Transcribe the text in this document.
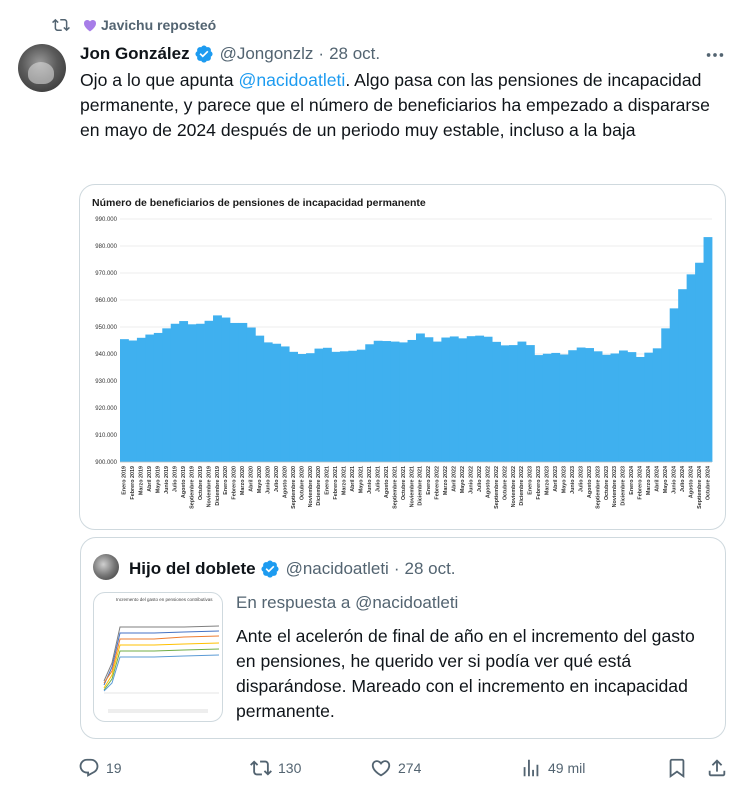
Javichu
reposteó
Jon González @Jongonzlz · 28 oct.
Ojo a lo que apunta @nacidoatleti. Algo pasa con las pensiones de incapacidad permanente, y parece que el número de beneficiarios ha empezado a dispararse en mayo de 2024 después de un periodo muy estable, incluso a la baja
Número de beneficiarios de pensiones de incapacidad permanente
900.000
910.000
920.000
930.000
940.000
950.000
960.000
970.000
980.000
990.000
Enero 2019 Febrero 2019 Marzo 2019 Abril 2019 Mayo 2019 Junio 2019 Julio 2019 Agosto 2019 Septiembre 2019 Octubre 2019 Noviembre 2019 Diciembre 2019 Enero 2020 Febrero 2020 Marzo 2020 Abril 2020 Mayo 2020 Junio 2020 Julio 2020 Agosto 2020 Septiembre 2020 Octubre 2020 Noviembre 2020 Diciembre 2020 Enero 2021 Febrero 2021 Marzo 2021 Abril 2021 Mayo 2021 Junio 2021 Julio 2021 Agosto 2021 Septiembre 2021 Octubre 2021 Noviembre 2021 Diciembre 2021 Enero 2022 Febrero 2022 Marzo 2022 Abril 2022 Mayo 2022 Junio 2022 Julio 2022 Agosto 2022 Septiembre 2022 Octubre 2022 Noviembre 2022 Diciembre 2022 Enero 2023 Febrero 2023 Marzo 2023 Abril 2023 Mayo 2023 Junio 2023 Julio 2023 Agosto 2023 Septiembre 2023 Octubre 2023 Noviembre 2023 Diciembre 2023 Enero 2024 Febrero 2024 Marzo 2024 Abril 2024 Mayo 2024 Junio 2024 Julio 2024 Agosto 2024 Septiembre 2024 Octubre 2024
Hijo del doblete @nacidoatleti · 28 oct.
Incremento del gasto en pensiones contributivas En respuesta a @nacidoatleti
Ante el acelerón de final de año en el incremento del gasto en pensiones, he querido ver si podía ver qué está disparándose. Mareado con el incremento en incapacidad permanente.
19	130	274	49 mil
